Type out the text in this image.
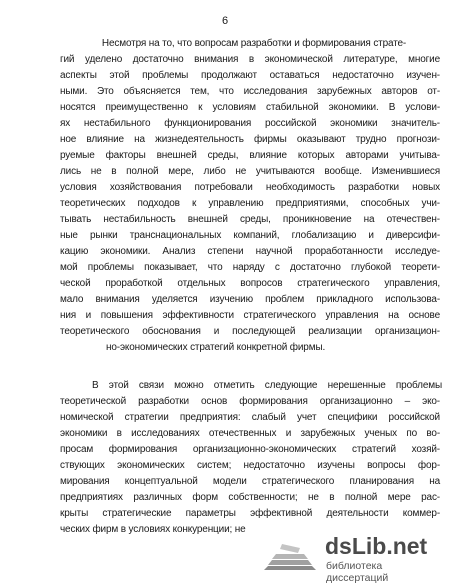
6
Несмотря на то, что вопросам разработки и формирования страте-
гий уделено достаточно внимания в экономической литературе, многие
аспекты этой проблемы продолжают оставаться недостаточно изучен-
ными. Это объясняется тем, что исследования зарубежных авторов от-
носятся преимущественно к условиям стабильной экономики. В услови-
ях нестабильного функционирования российской экономики значитель-
ное влияние на жизнедеятельность фирмы оказывают трудно прогнози-
руемые факторы внешней среды, влияние которых авторами учитыва-
лись не в полной мере, либо не учитываются вообще. Изменившиеся
условия хозяйствования потребовали необходимость разработки новых
теоретических подходов к управлению предприятиями, способных учи-
тывать нестабильность внешней среды, проникновение на отечествен-
ные рынки транснациональных компаний, глобализацию и диверсифи-
кацию экономики. Анализ степени научной проработанности исследуе-
мой проблемы показывает, что наряду с достаточно глубокой теорети-
ческой проработкой отдельных вопросов стратегического управления,
мало внимания уделяется изучению проблем прикладного использова-
ния и повышения эффективности стратегического управления на основе
теоретического обоснования и последующей реализации организацион-
но-экономических стратегий конкретной фирмы.
В этой связи можно отметить следующие нерешенные проблемы
теоретической разработки основ формирования организационно – эко-
номической стратегии предприятия: слабый учет специфики российской
экономики в исследованиях отечественных и зарубежных ученых по во-
просам формирования организационно-экономических стратегий хозяй-
ствующих экономических систем; недостаточно изучены вопросы фор-
мирования концептуальной модели стратегического планирования на
предприятиях различных форм собственности; не в полной мере рас-
крыты стратегические параметры эффективной деятельности коммер-
ческих фирм в условиях конкуренции; не
dsLib.net
библиотека диссертаций
